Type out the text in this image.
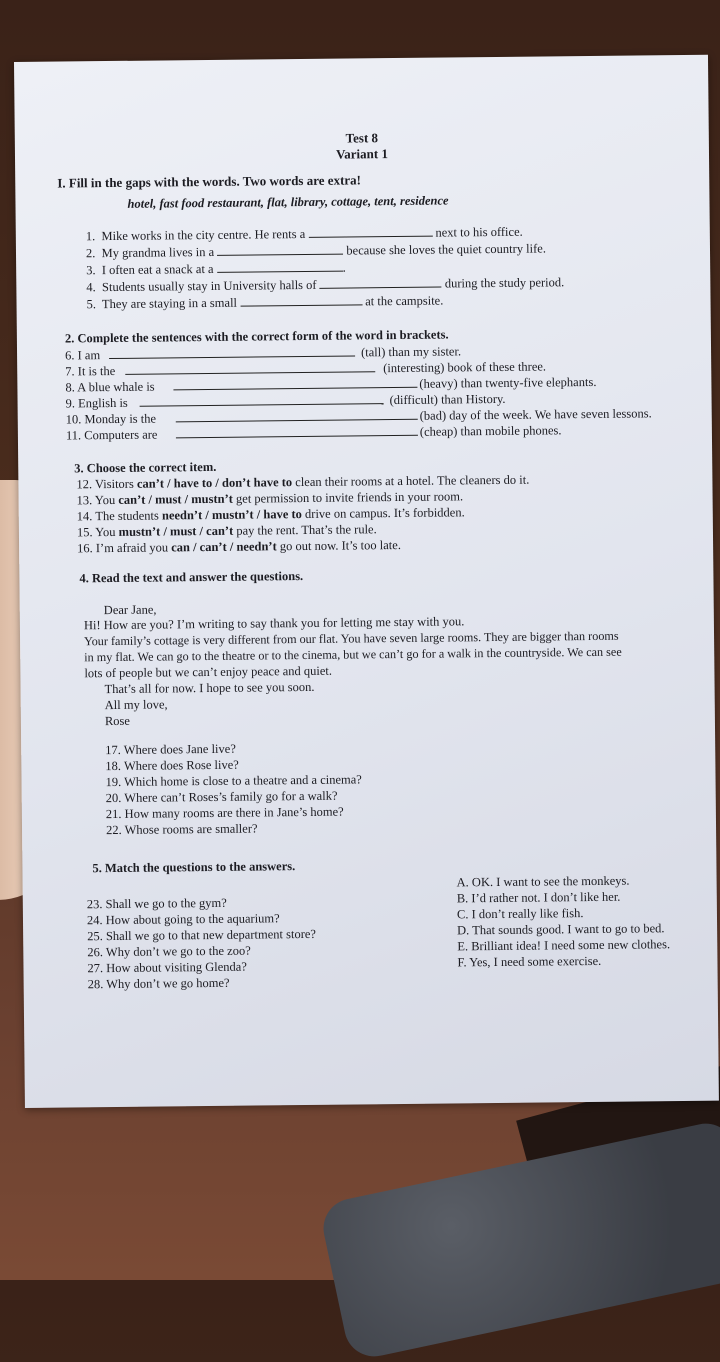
Test 8
Variant 1
I. Fill in the gaps with the words. Two words are extra!
hotel, fast food restaurant, flat, library, cottage, tent, residence
1. Mike works in the city centre. He rents a	next to his office.
2. My grandma lives in a	because she loves the quiet country life.
3. I often eat a snack at a	.
4. Students usually stay in University halls of	during the study period.
5. They are staying in a small	at the campsite.
2. Complete the sentences with the correct form of the word in brackets.
6. I am	(tall) than my sister.
7. It is the	(interesting) book of these three.
8. A blue whale is	(heavy) than twenty-five elephants.
9. English is	(difficult) than History.
10. Monday is the	(bad) day of the week. We have seven lessons.
11. Computers are	(cheap) than mobile phones.
3. Choose the correct item.
12. Visitors can’t / have to / don’t have to clean their rooms at a hotel. The cleaners do it.
13. You can’t / must / mustn’t get permission to invite friends in your room.
14. The students needn’t / mustn’t / have to drive on campus. It’s forbidden.
15. You mustn’t / must / can’t pay the rent. That’s the rule.
16. I’m afraid you can / can’t / needn’t go out now. It’s too late.
4. Read the text and answer the questions.
Dear Jane,
Hi! How are you? I’m writing to say thank you for letting me stay with you.
Your family’s cottage is very different from our flat. You have seven large rooms. They are bigger than rooms
in my flat. We can go to the theatre or to the cinema, but we can’t go for a walk in the countryside. We can see
lots of people but we can’t enjoy peace and quiet.
That’s all for now. I hope to see you soon.
All my love,
Rose
17. Where does Jane live?
18. Where does Rose live?
19. Which home is close to a theatre and a cinema?
20. Where can’t Roses’s family go for a walk?
21. How many rooms are there in Jane’s home?
22. Whose rooms are smaller?
5. Match the questions to the answers.
23. Shall we go to the gym?
24. How about going to the aquarium?
25. Shall we go to that new department store?
26. Why don’t we go to the zoo?
27. How about visiting Glenda?
28. Why don’t we go home?
A. OK. I want to see the monkeys.
B. I’d rather not. I don’t like her.
C. I don’t really like fish.
D. That sounds good. I want to go to bed.
E. Brilliant idea! I need some new clothes.
F. Yes, I need some exercise.
